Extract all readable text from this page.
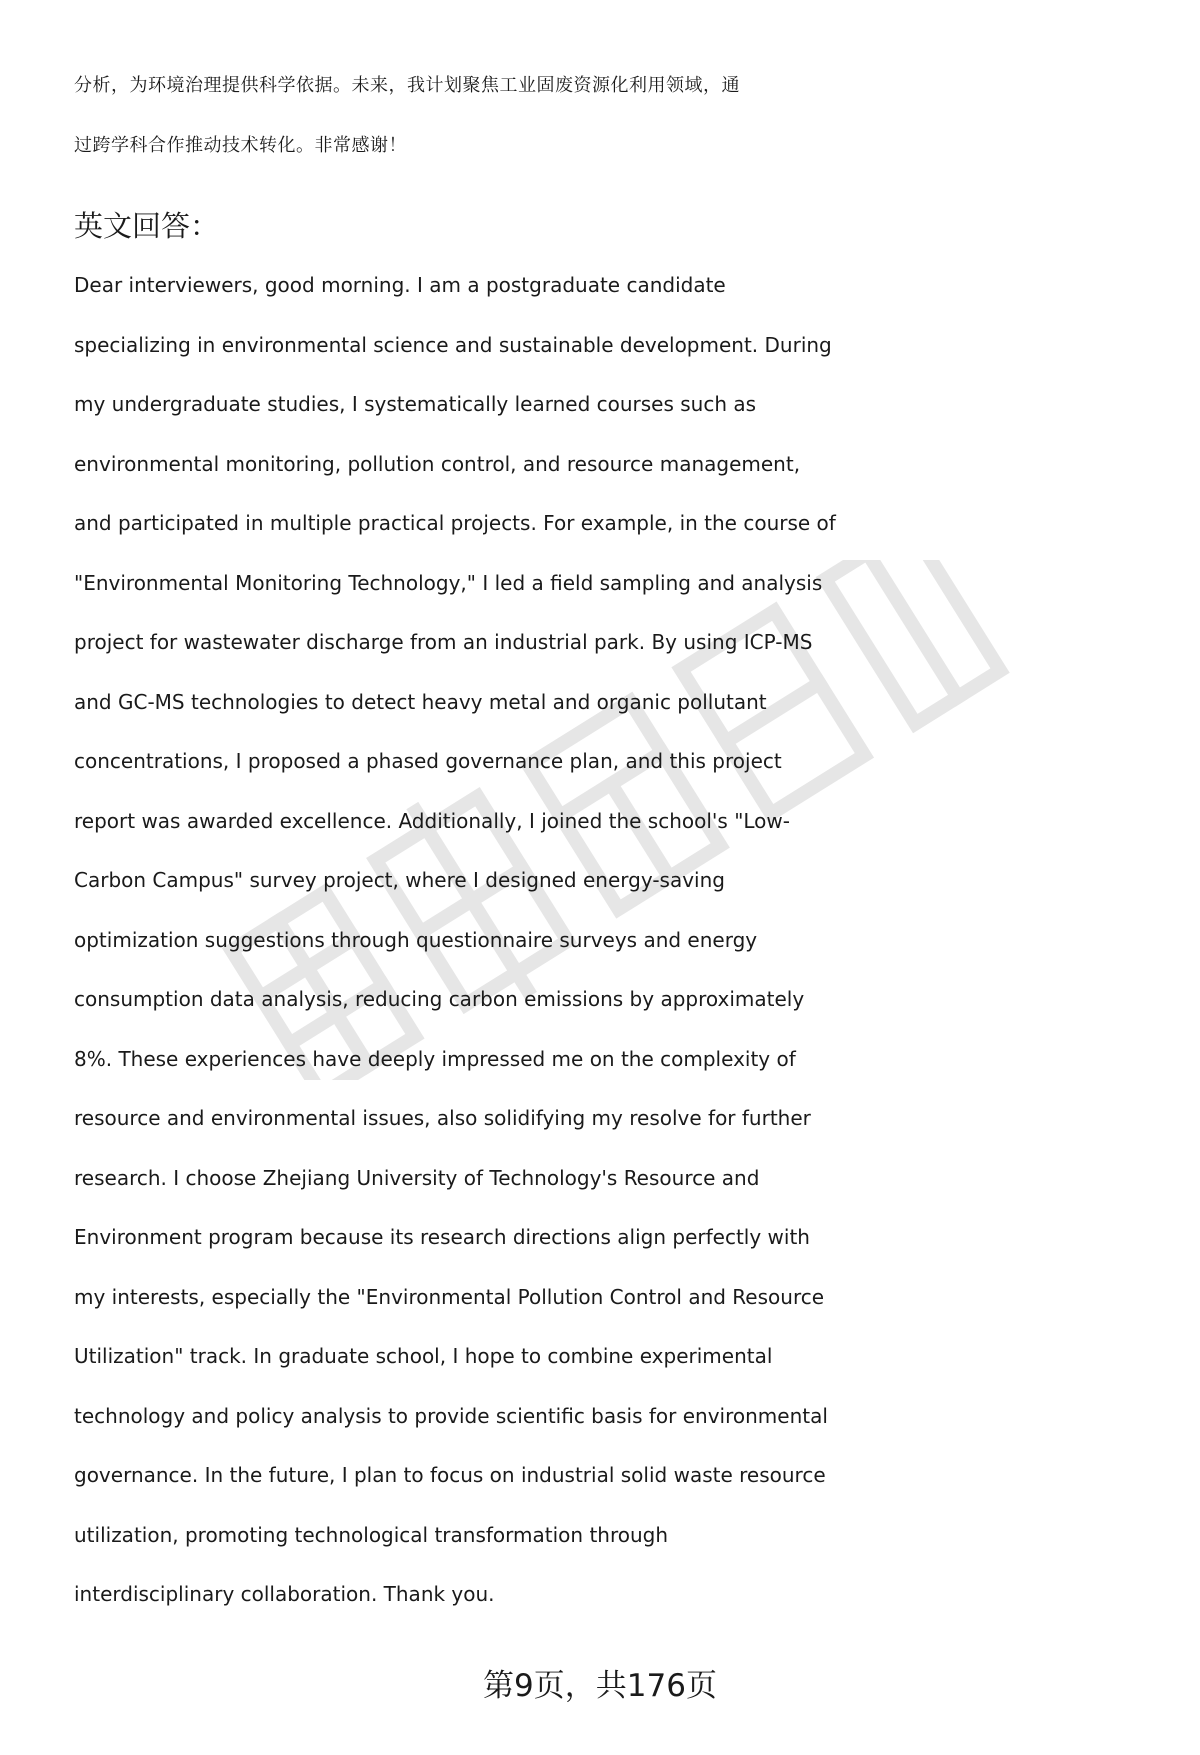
分析，为环境治理提供科学依据。未来，我计划聚焦工业固废资源化利用领域，通
过跨学科合作推动技术转化。非常感谢！
英文回答：
Dear interviewers, good morning. I am a postgraduate candidate
specializing in environmental science and sustainable development. During
my undergraduate studies, I systematically learned courses such as
environmental monitoring, pollution control, and resource management,
and participated in multiple practical projects. For example, in the course of
"Environmental Monitoring Technology," I led a field sampling and analysis
project for wastewater discharge from an industrial park. By using ICP-MS
and GC-MS technologies to detect heavy metal and organic pollutant
concentrations, I proposed a phased governance plan, and this project
report was awarded excellence. Additionally, I joined the school's "Low-
Carbon Campus" survey project, where I designed energy-saving
optimization suggestions through questionnaire surveys and energy
consumption data analysis, reducing carbon emissions by approximately
8%. These experiences have deeply impressed me on the complexity of
resource and environmental issues, also solidifying my resolve for further
research. I choose Zhejiang University of Technology's Resource and
Environment program because its research directions align perfectly with
my interests, especially the "Environmental Pollution Control and Resource
Utilization" track. In graduate school, I hope to combine experimental
technology and policy analysis to provide scientific basis for environmental
governance. In the future, I plan to focus on industrial solid waste resource
utilization, promoting technological transformation through
interdisciplinary collaboration. Thank you.
第9页，共176页
